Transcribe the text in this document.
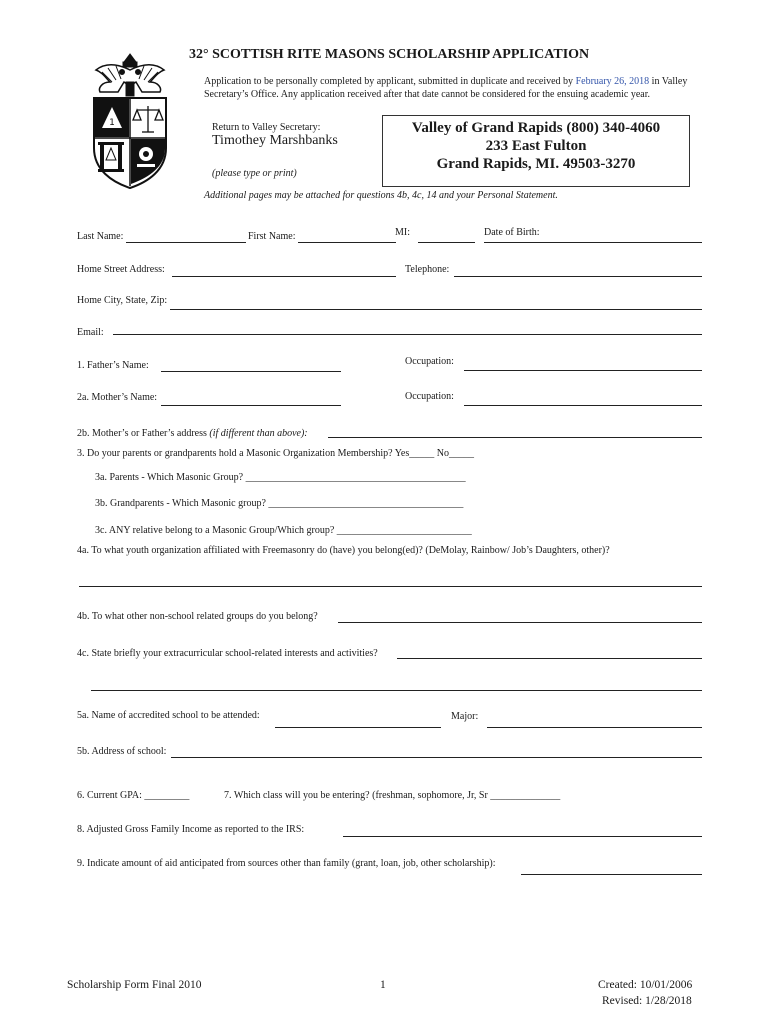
1
32° SCOTTISH RITE MASONS SCHOLARSHIP APPLICATION
Application to be personally completed by applicant, submitted in duplicate and received by February 26, 2018 in Valley Secretary’s Office. Any application received after that date cannot be considered for the ensuing academic year.
Return to Valley Secretary:
Timothey Marshbanks
(please type or print)
Valley of Grand Rapids (800) 340-4060
233 East Fulton
Grand Rapids, MI. 49503-3270
Additional pages may be attached for questions 4b, 4c, 14 and your Personal Statement.
Last Name:	First Name:	MI:	Date of Birth:
Home Street Address:	Telephone:
Home City, State, Zip:
Email:
1. Father’s Name:	Occupation:
2a. Mother’s Name:	Occupation:
2b. Mother’s or Father’s address (if different than above):
3. Do your parents or grandparents hold a Masonic Organization Membership? Yes_____ No_____
3a. Parents - Which Masonic Group? ____________________________________________
3b. Grandparents - Which Masonic group? _______________________________________
3c. ANY relative belong to a Masonic Group/Which group? ___________________________
4a. To what youth organization affiliated with Freemasonry do (have) you belong(ed)? (DeMolay, Rainbow/ Job’s Daughters, other)?
4b. To what other non-school related groups do you belong?
4c. State briefly your extracurricular school-related interests and activities?
5a. Name of accredited school to be attended:	Major:
5b. Address of school:
6. Current GPA: _________	7. Which class will you be entering? (freshman, sophomore, Jr, Sr ______________
8. Adjusted Gross Family Income as reported to the IRS:
9. Indicate amount of aid anticipated from sources other than family (grant, loan, job, other scholarship):
Scholarship Form Final 2010	1	Created: 10/01/2006
Revised: 1/28/2018
